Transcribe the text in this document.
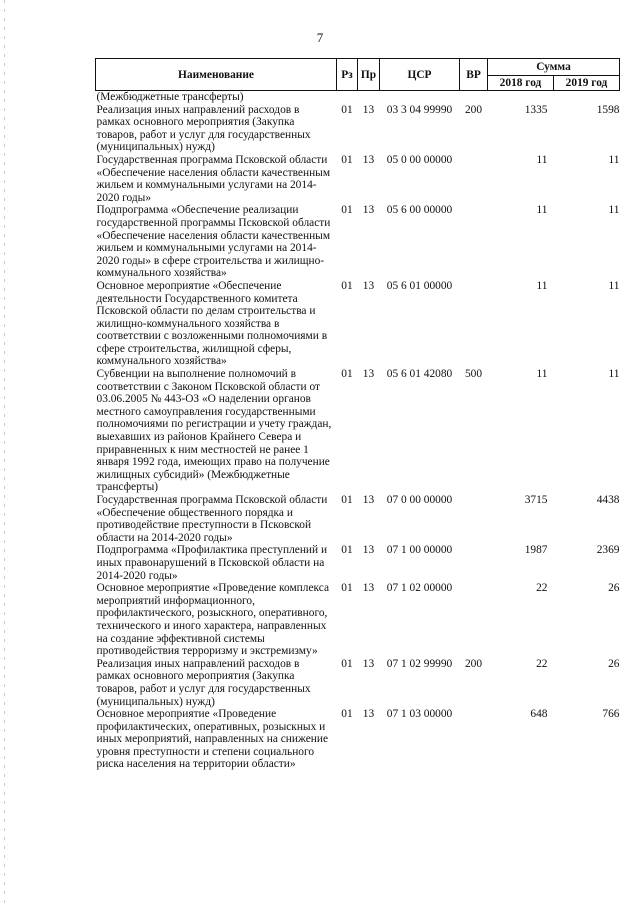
7
Наименование	Рз	Пр	ЦСР	ВР	Сумма	
					2018 год	2019 год
(Межбюджетные трансферты)						
Реализация иных направлений расходов в рамках основного мероприятия (Закупка товаров, работ и услуг для государственных (муниципальных) нужд)	01	13	03 3 04 99990	200	1335	1598
Государственная программа Псковской области «Обеспечение населения области качественным жильем и коммунальными услугами на 2014-2020 годы»	01	13	05 0 00 00000		11	11
Подпрограмма «Обеспечение реализации государственной программы Псковской области «Обеспечение населения области качественным жильем и коммунальными услугами на 2014-2020 годы» в сфере строительства и жилищно-коммунального хозяйства»	01	13	05 6 00 00000		11	11
Основное мероприятие «Обеспечение деятельности Государственного комитета Псковской области по делам строительства и жилищно-коммунального хозяйства в соответствии с возложенными полномочиями в сфере строительства, жилищной сферы, коммунального хозяйства»	01	13	05 6 01 00000		11	11
Субвенции на выполнение полномочий в соответствии с Законом Псковской области от 03.06.2005 № 443-ОЗ «О наделении органов местного самоуправления государственными полномочиями по регистрации и учету граждан, выехавших из районов Крайнего Севера и приравненных к ним местностей не ранее 1 января 1992 года, имеющих право на получение жилищных субсидий» (Межбюджетные трансферты)	01	13	05 6 01 42080	500	11	11
Государственная программа Псковской области «Обеспечение общественного порядка и противодействие преступности в Псковской области на 2014-2020 годы»	01	13	07 0 00 00000		3715	4438
Подпрограмма «Профилактика преступлений и иных правонарушений в Псковской области на 2014-2020 годы»	01	13	07 1 00 00000		1987	2369
Основное мероприятие «Проведение комплекса мероприятий информационного, профилактического, розыскного, оперативного, технического и иного характера, направленных на создание эффективной системы противодействия терроризму и экстремизму»	01	13	07 1 02 00000		22	26
Реализация иных направлений расходов в рамках основного мероприятия (Закупка товаров, работ и услуг для государственных (муниципальных) нужд)	01	13	07 1 02 99990	200	22	26
Основное мероприятие «Проведение профилактических, оперативных, розыскных и иных мероприятий, направленных на снижение уровня преступности и степени социального риска населения на территории области»	01	13	07 1 03 00000		648	766
